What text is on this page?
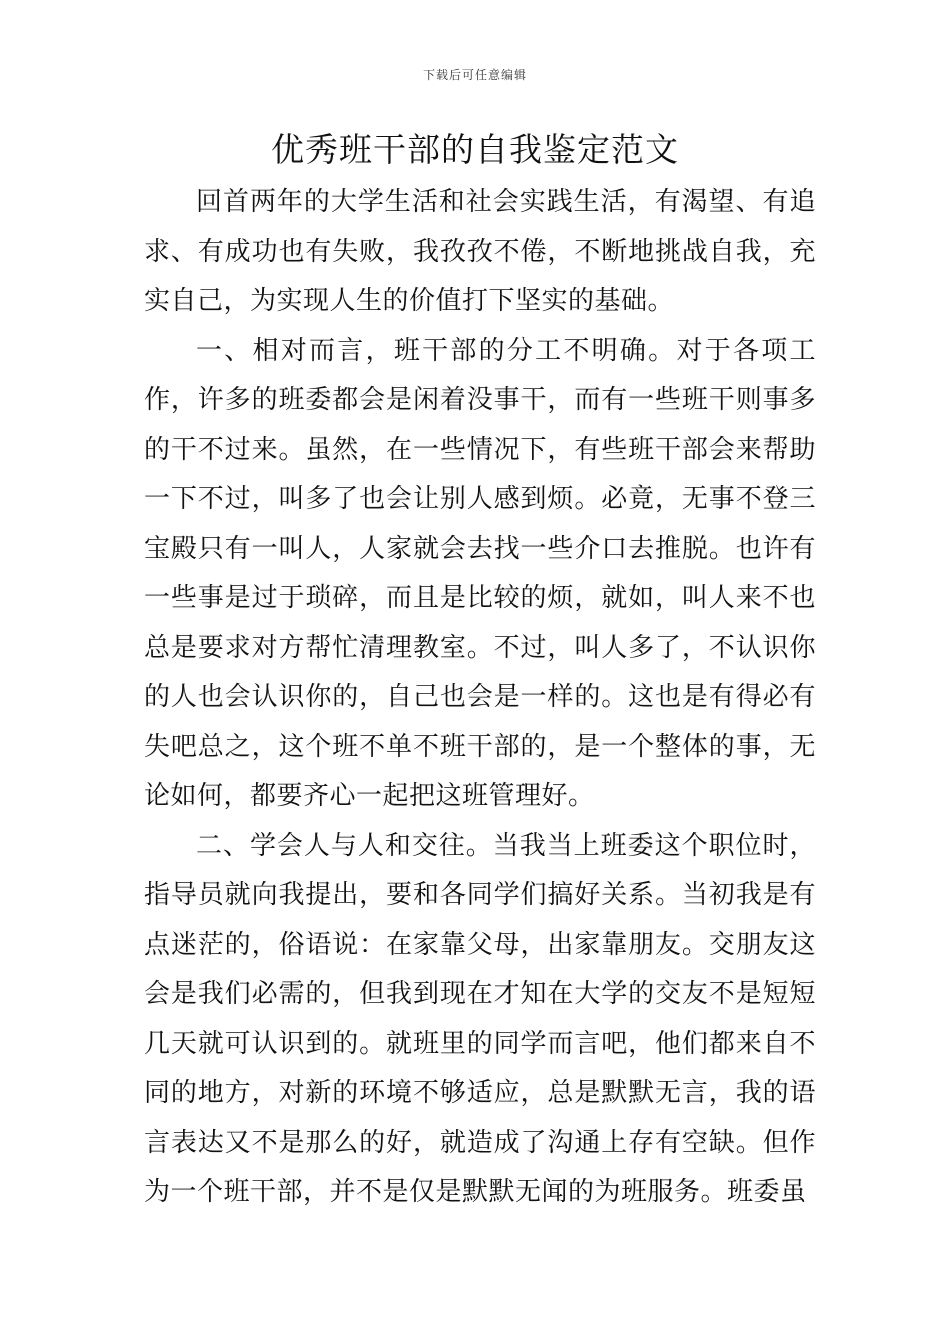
下载后可任意编辑
优秀班干部的自我鉴定范文

回首两年的大学生活和社会实践生活，有渴望、有追求、有成功也有失败，我孜孜不倦，不断地挑战自我，充实自己，为实现人生的价值打下坚实的基础。

一、相对而言，班干部的分工不明确。对于各项工作，许多的班委都会是闲着没事干，而有一些班干则事多的干不过来。虽然，在一些情况下，有些班干部会来帮助一下不过，叫多了也会让别人感到烦。必竟，无事不登三宝殿只有一叫人，人家就会去找一些介口去推脱。也许有一些事是过于琐碎，而且是比较的烦，就如，叫人来不也总是要求对方帮忙清理教室。不过，叫人多了，不认识你的人也会认识你的，自己也会是一样的。这也是有得必有失吧总之，这个班不单不班干部的，是一个整体的事，无论如何，都要齐心一起把这班管理好。

二、学会人与人和交往。当我当上班委这个职位时，指导员就向我提出，要和各同学们搞好关系。当初我是有点迷茫的，俗语说：在家靠父母，出家靠朋友。交朋友这会是我们必需的，但我到现在才知在大学的交友不是短短几天就可认识到的。就班里的同学而言吧，他们都来自不同的地方，对新的环境不够适应，总是默默无言，我的语言表达又不是那么的好，就造成了沟通上存有空缺。但作为一个班干部，并不是仅是默默无闻的为班服务。班委虽
